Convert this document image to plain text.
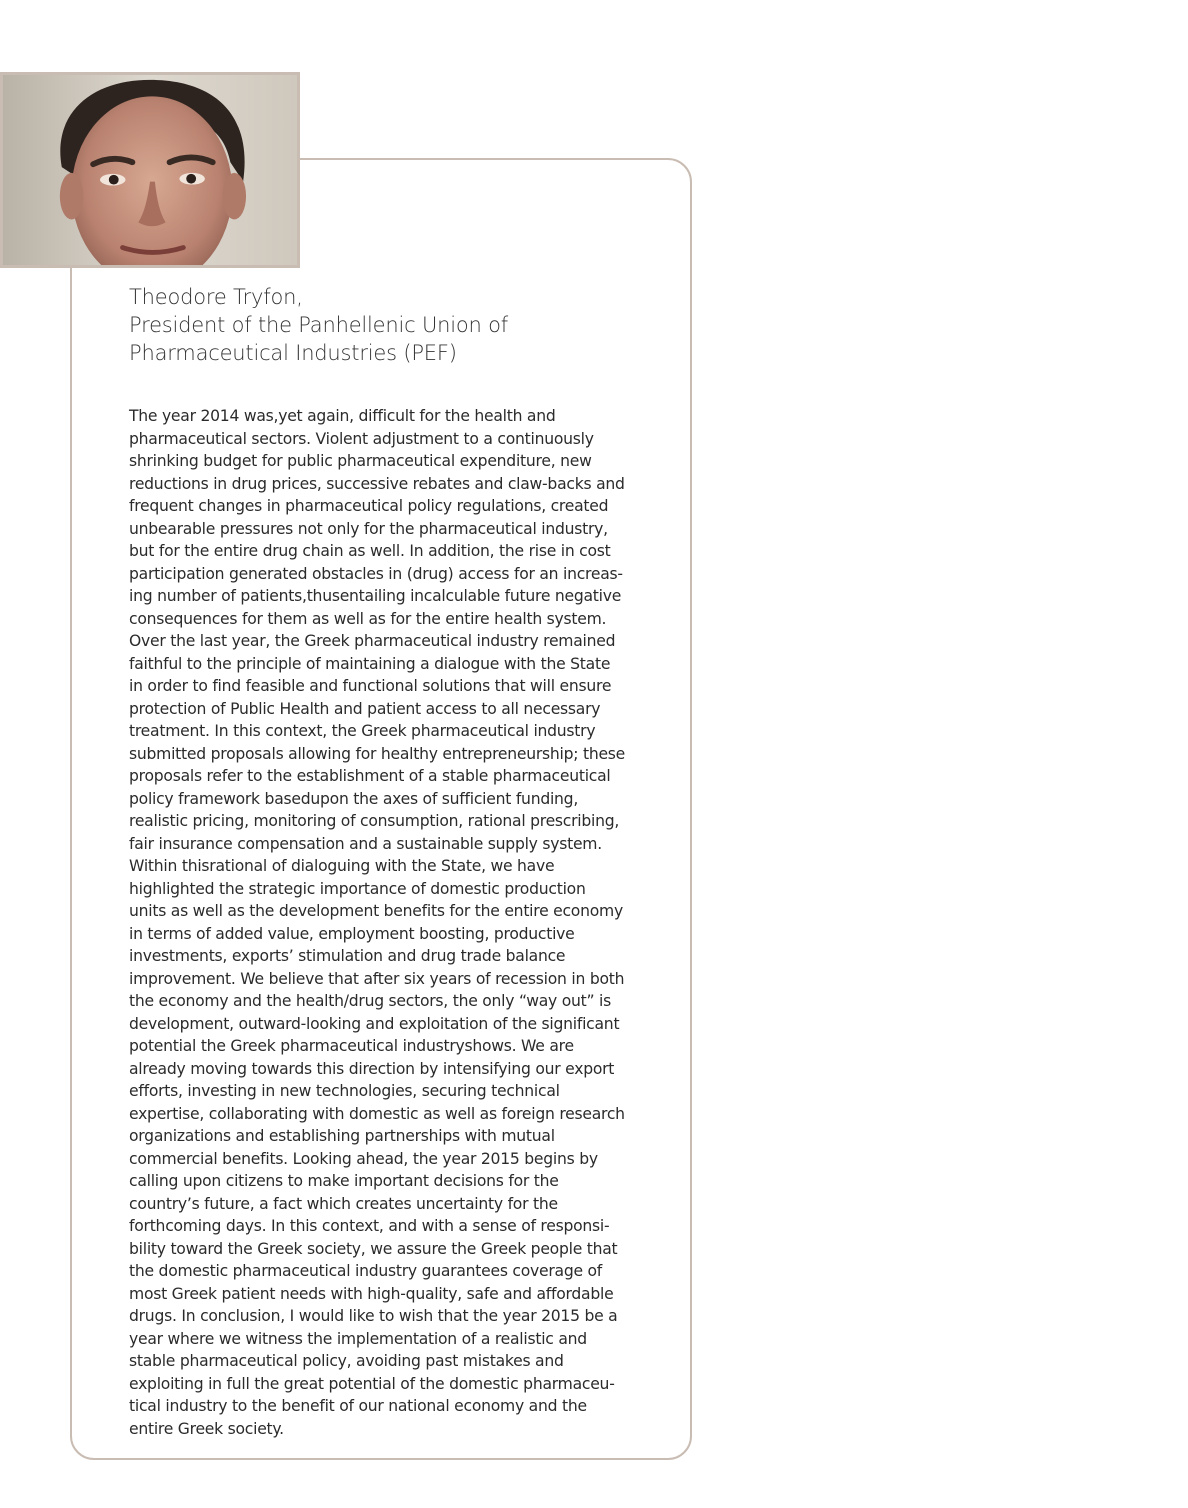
Theodore Tryfon,
President of the Panhellenic Union of
Pharmaceutical Industries (PEF)
The year 2014 was,yet again, difficult for the health and
pharmaceutical sectors. Violent adjustment to a continuously
shrinking budget for public pharmaceutical expenditure, new
reductions in drug prices, successive rebates and claw-backs and
frequent changes in pharmaceutical policy regulations, created
unbearable pressures not only for the pharmaceutical industry,
but for the entire drug chain as well. In addition, the rise in cost
participation generated obstacles in (drug) access for an increas-
ing number of patients,thusentailing incalculable future negative
consequences for them as well as for the entire health system.
Over the last year, the Greek pharmaceutical industry remained
faithful to the principle of maintaining a dialogue with the State
in order to find feasible and functional solutions that will ensure
protection of Public Health and patient access to all necessary
treatment. In this context, the Greek pharmaceutical industry
submitted proposals allowing for healthy entrepreneurship; these
proposals refer to the establishment of a stable pharmaceutical
policy framework basedupon the axes of sufficient funding,
realistic pricing, monitoring of consumption, rational prescribing,
fair insurance compensation and a sustainable supply system.
Within thisrational of dialoguing with the State, we have
highlighted the strategic importance of domestic production
units as well as the development benefits for the entire economy
in terms of added value, employment boosting, productive
investments, exports’ stimulation and drug trade balance
improvement. We believe that after six years of recession in both
the economy and the health/drug sectors, the only “way out” is
development, outward-looking and exploitation of the significant
potential the Greek pharmaceutical industryshows. We are
already moving towards this direction by intensifying our export
efforts, investing in new technologies, securing technical
expertise, collaborating with domestic as well as foreign research
organizations and establishing partnerships with mutual
commercial benefits. Looking ahead, the year 2015 begins by
calling upon citizens to make important decisions for the
country’s future, a fact which creates uncertainty for the
forthcoming days. In this context, and with a sense of responsi-
bility toward the Greek society, we assure the Greek people that
the domestic pharmaceutical industry guarantees coverage of
most Greek patient needs with high-quality, safe and affordable
drugs. In conclusion, I would like to wish that the year 2015 be a
year where we witness the implementation of a realistic and
stable pharmaceutical policy, avoiding past mistakes and
exploiting in full the great potential of the domestic pharmaceu-
tical industry to the benefit of our national economy and the
entire Greek society.
